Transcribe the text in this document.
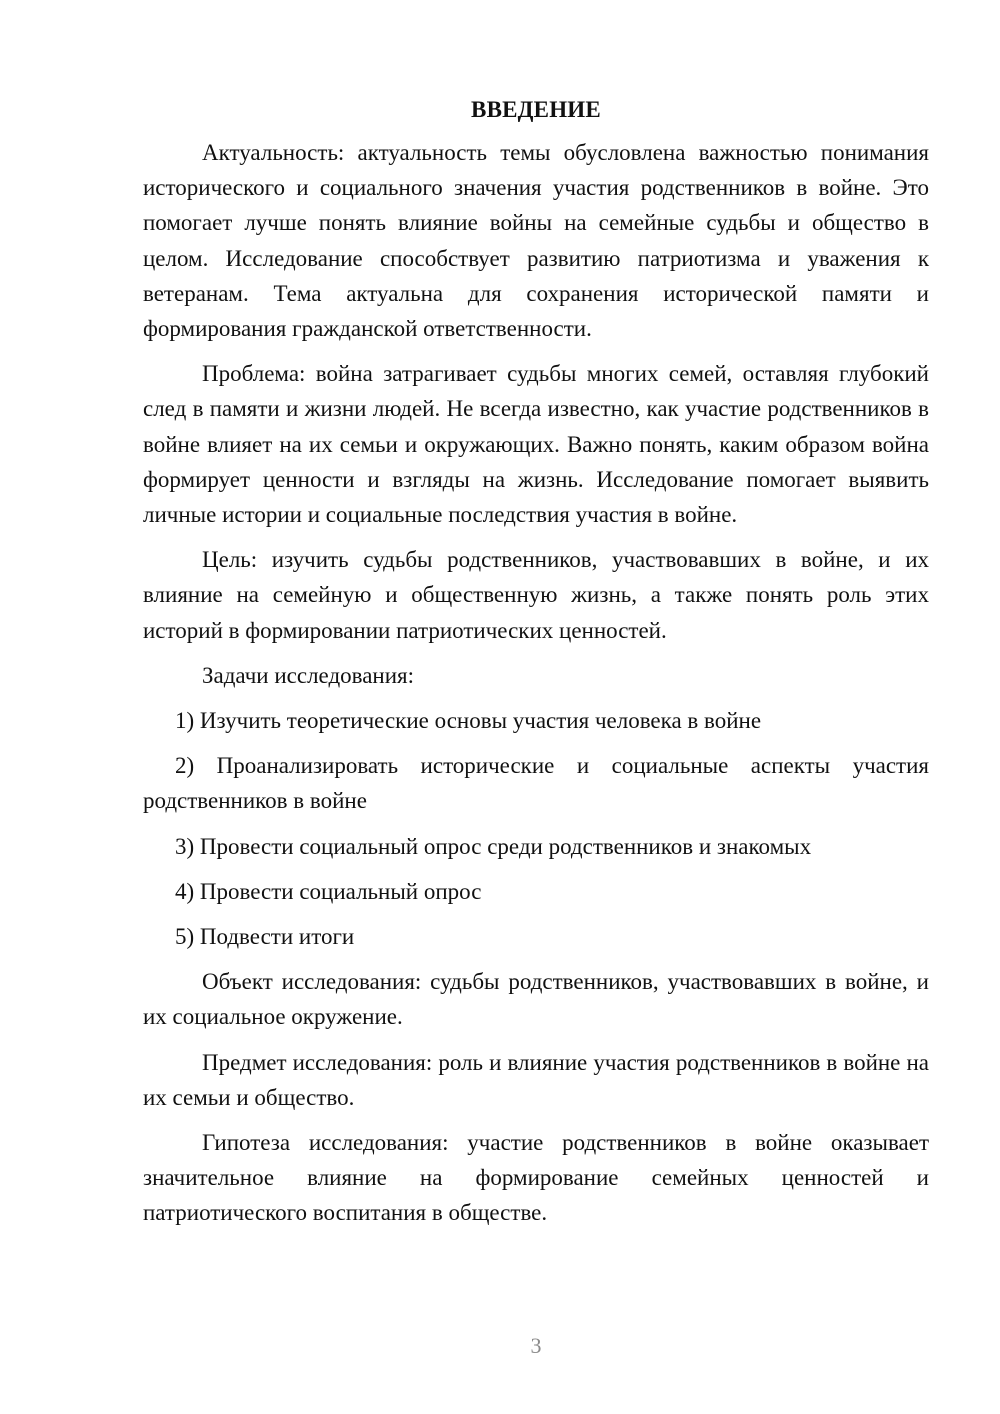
ВВЕДЕНИЕ

Актуальность: актуальность темы обусловлена важностью понимания исторического и социального значения участия родственников в войне. Это помогает лучше понять влияние войны на семейные судьбы и общество в целом. Исследование способствует развитию патриотизма и уважения к ветеранам. Тема актуальна для сохранения исторической памяти и формирования гражданской ответственности.

Проблема: война затрагивает судьбы многих семей, оставляя глубокий след в памяти и жизни людей. Не всегда известно, как участие родственников в войне влияет на их семьи и окружающих. Важно понять, каким образом война формирует ценности и взгляды на жизнь. Исследование помогает выявить личные истории и социальные последствия участия в войне.

Цель: изучить судьбы родственников, участвовавших в войне, и их влияние на семейную и общественную жизнь, а также понять роль этих историй в формировании патриотических ценностей.

Задачи исследования:

1) Изучить теоретические основы участия человека в войне

2) Проанализировать исторические и социальные аспекты участия родственников в войне

3) Провести социальный опрос среди родственников и знакомых

4) Провести социальный опрос

5) Подвести итоги

Объект исследования: судьбы родственников, участвовавших в войне, и их социальное окружение.

Предмет исследования: роль и влияние участия родственников в войне на их семьи и общество.

Гипотеза исследования: участие родственников в войне оказывает значительное влияние на формирование семейных ценностей и патриотического воспитания в обществе.

3
